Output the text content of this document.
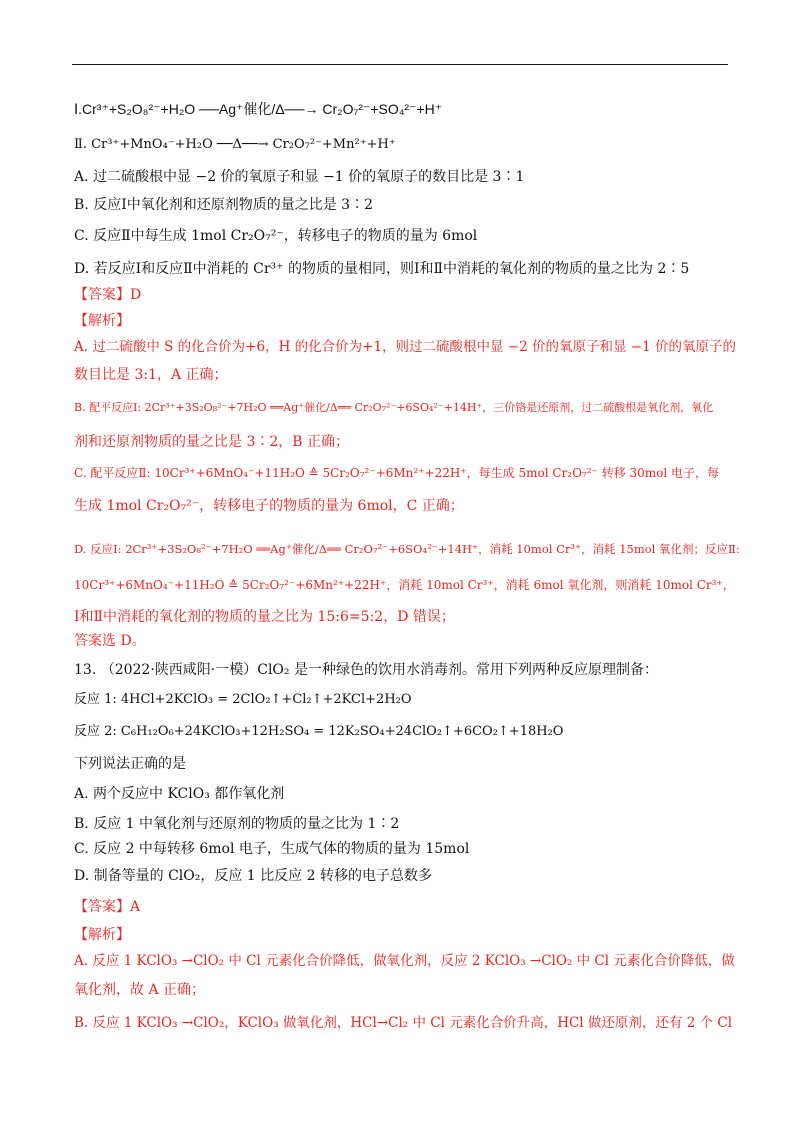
Ⅰ.Cr³⁺+S₂O₈²⁻+H₂O ──Ag⁺催化/Δ──→ Cr₂O₇²⁻+SO₄²⁻+H⁺
Ⅱ. Cr³⁺+MnO₄⁻+H₂O ──Δ──→ Cr₂O₇²⁻+Mn²⁺+H⁺
A. 过二硫酸根中显 −2 价的氧原子和显 −1 价的氧原子的数目比是 3∶1
B. 反应Ⅰ中氧化剂和还原剂物质的量之比是 3∶2
C. 反应Ⅱ中每生成 1mol Cr₂O₇²⁻，转移电子的物质的量为 6mol
D. 若反应Ⅰ和反应Ⅱ中消耗的 Cr³⁺ 的物质的量相同，则Ⅰ和Ⅱ中消耗的氧化剂的物质的量之比为 2∶5
【答案】D
【解析】
A. 过二硫酸中 S 的化合价为+6，H 的化合价为+1，则过二硫酸根中显 −2 价的氧原子和显 −1 价的氧原子的
数目比是 3:1，A 正确；
B. 配平反应Ⅰ: 2Cr³⁺+3S₂O₈²⁻+7H₂O ══Ag⁺催化/Δ══ Cr₂O₇²⁻+6SO₄²⁻+14H⁺，三价铬是还原剂，过二硫酸根是氧化剂，氧化
剂和还原剂物质的量之比是 3∶2，B 正确；
C. 配平反应Ⅱ: 10Cr³⁺+6MnO₄⁻+11H₂O ≙ 5Cr₂O₇²⁻+6Mn²⁺+22H⁺，每生成 5mol Cr₂O₇²⁻ 转移 30mol 电子，每
生成 1mol Cr₂O₇²⁻，转移电子的物质的量为 6mol，C 正确；
D. 反应Ⅰ: 2Cr³⁺+3S₂O₈²⁻+7H₂O ══Ag⁺催化/Δ══ Cr₂O₇²⁻+6SO₄²⁻+14H⁺，消耗 10mol Cr³⁺，消耗 15mol 氧化剂；反应Ⅱ:
10Cr³⁺+6MnO₄⁻+11H₂O ≙ 5Cr₂O₇²⁻+6Mn²⁺+22H⁺，消耗 10mol Cr³⁺，消耗 6mol 氧化剂，则消耗 10mol Cr³⁺，
Ⅰ和Ⅱ中消耗的氧化剂的物质的量之比为 15:6=5:2，D 错误；
答案选 D。
13. （2022·陕西咸阳·一模）ClO₂ 是一种绿色的饮用水消毒剂。常用下列两种反应原理制备：
反应 1: 4HCl+2KClO₃ = 2ClO₂↑+Cl₂↑+2KCl+2H₂O
反应 2: C₆H₁₂O₆+24KClO₃+12H₂SO₄ = 12K₂SO₄+24ClO₂↑+6CO₂↑+18H₂O
下列说法正确的是
A. 两个反应中 KClO₃ 都作氧化剂
B. 反应 1 中氧化剂与还原剂的物质的量之比为 1∶2
C. 反应 2 中每转移 6mol 电子，生成气体的物质的量为 15mol
D. 制备等量的 ClO₂，反应 1 比反应 2 转移的电子总数多
【答案】A
【解析】
A. 反应 1 KClO₃ →ClO₂ 中 Cl 元素化合价降低，做氧化剂，反应 2 KClO₃ →ClO₂ 中 Cl 元素化合价降低，做
氧化剂，故 A 正确；
B. 反应 1 KClO₃ →ClO₂，KClO₃ 做氧化剂，HCl→Cl₂ 中 Cl 元素化合价升高，HCl 做还原剂，还有 2 个 Cl
